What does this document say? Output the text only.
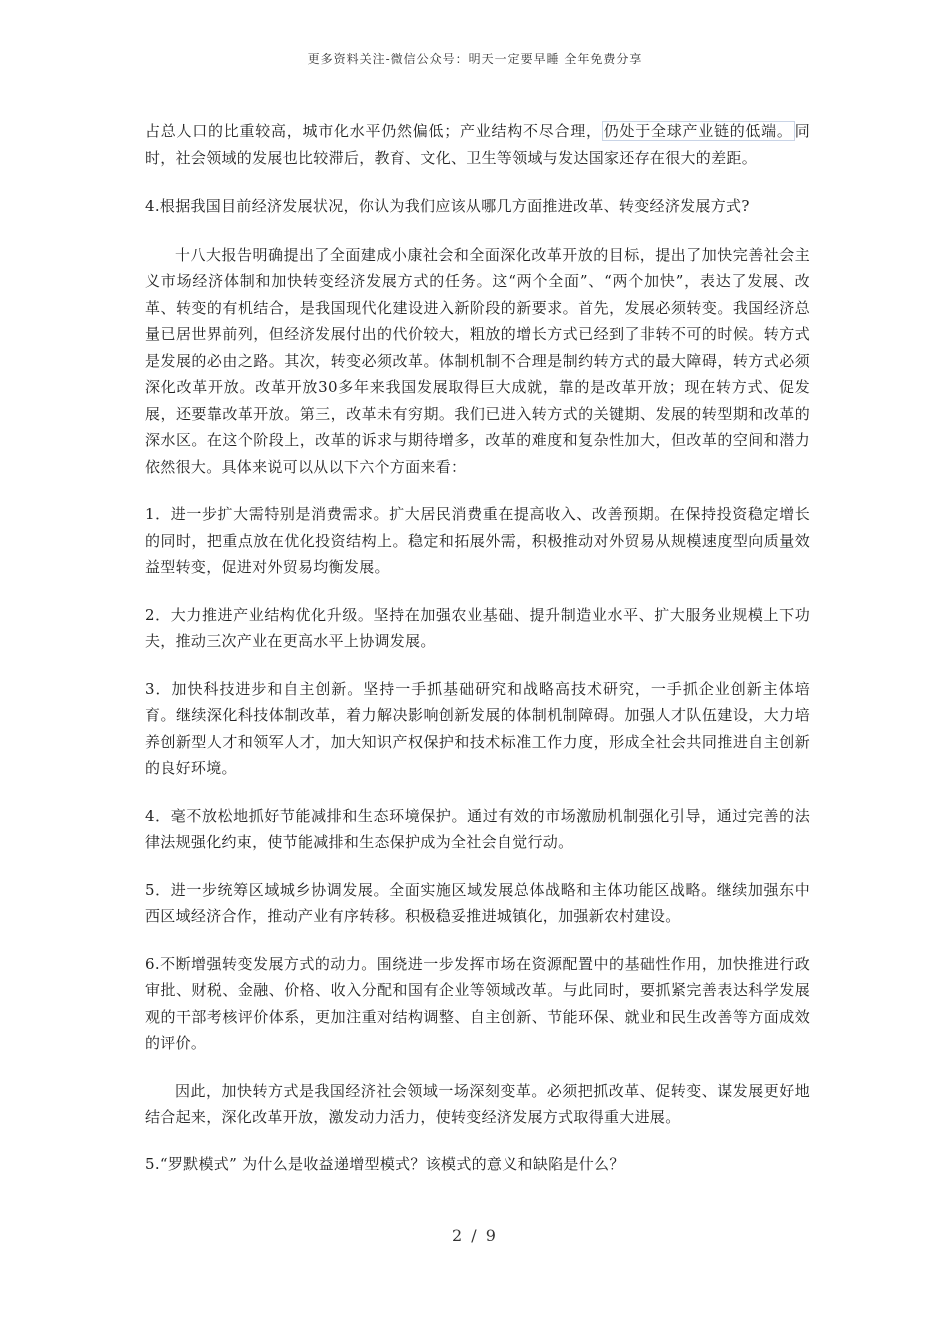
更多资料关注-微信公众号：明天一定要早睡 全年免费分享

占总人口的比重较高，城市化水平仍然偏低；产业结构不尽合理， 仍处于全球产业链的低端。 同时，社会领域的发展也比较滞后，教育、文化、卫生等领域与发达国家还存在很大的差距。

4.根据我国目前经济发展状况，你认为我们应该从哪几方面推进改革、转变经济发展方式?

十八大报告明确提出了全面建成小康社会和全面深化改革开放的目标，提出了加快完善社会主义市场经济体制和加快转变经济发展方式的任务。这“两个全面”、“两个加快”，表达了发展、改革、转变的有机结合，是我国现代化建设进入新阶段的新要求。首先，发展必须转变。我国经济总量已居世界前列，但经济发展付出的代价较大，粗放的增长方式已经到了非转不可的时候。转方式是发展的必由之路。其次，转变必须改革。体制机制不合理是制约转方式的最大障碍，转方式必须深化改革开放。改革开放30多年来我国发展取得巨大成就，靠的是改革开放；现在转方式、促发展，还要靠改革开放。第三，改革未有穷期。我们已进入转方式的关键期、发展的转型期和改革的深水区。在这个阶段上，改革的诉求与期待增多，改革的难度和复杂性加大，但改革的空间和潜力依然很大。具体来说可以从以下六个方面来看：

1．进一步扩大需特别是消费需求。扩大居民消费重在提高收入、改善预期。在保持投资稳定增长的同时，把重点放在优化投资结构上。稳定和拓展外需，积极推动对外贸易从规模速度型向质量效益型转变，促进对外贸易均衡发展。

2．大力推进产业结构优化升级。坚持在加强农业基础、提升制造业水平、扩大服务业规模上下功夫，推动三次产业在更高水平上协调发展。

3．加快科技进步和自主创新。坚持一手抓基础研究和战略高技术研究，一手抓企业创新主体培育。继续深化科技体制改革，着力解决影响创新发展的体制机制障碍。加强人才队伍建设，大力培养创新型人才和领军人才，加大知识产权保护和技术标准工作力度，形成全社会共同推进自主创新的良好环境。

4．毫不放松地抓好节能减排和生态环境保护。通过有效的市场激励机制强化引导，通过完善的法律法规强化约束，使节能减排和生态保护成为全社会自觉行动。

5．进一步统筹区域城乡协调发展。全面实施区域发展总体战略和主体功能区战略。继续加强东中西区域经济合作，推动产业有序转移。积极稳妥推进城镇化，加强新农村建设。

6.不断增强转变发展方式的动力。围绕进一步发挥市场在资源配置中的基础性作用，加快推进行政审批、财税、金融、价格、收入分配和国有企业等领域改革。与此同时，要抓紧完善表达科学发展观的干部考核评价体系，更加注重对结构调整、自主创新、节能环保、就业和民生改善等方面成效的评价。

因此，加快转方式是我国经济社会领域一场深刻变革。必须把抓改革、促转变、谋发展更好地结合起来，深化改革开放，激发动力活力，使转变经济发展方式取得重大进展。

5.“罗默模式” 为什么是收益递增型模式？该模式的意义和缺陷是什么？

2 / 9
